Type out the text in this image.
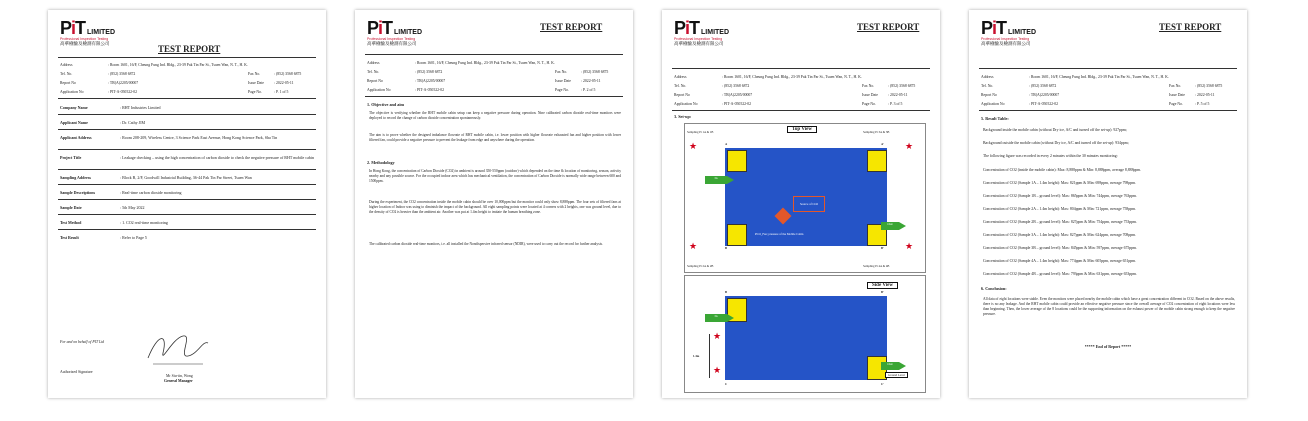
PiT LIMITED
Professional Inspection Testing
高華檢驗及檢測有限公司	TEST REPORT
Address	: Room 1601, 16/F, Cheung Fung Ind. Bldg., 23-39 Pak Tin Par St., Tsuen Wan, N. T., H. K.
Tel. No.	: (852) 3568 6872	Fax No.	: (852) 3568 6875
Report No	: TR(A)2205/00007	Issue Date	: 2022-05-11
Application No	: PIT-A-050522-02	Page No.	: P. 1 of 5
Company Name	: RHT Industries Limited
Applicant Name	: Dr. Cathy JIM
Applicant Address	: Room 208-209, Wireless Centre, 3 Science Park East Avenue, Hong Kong Science Park, Sha Tin
Project Title	: Leakage checking – using the high concentration of carbon dioxide to check the negative pressure of RHT mobile cabin
Sampling Address	: Block B, 2/F, Goodwill Industrial Building, 36-44 Pak Tin Par Street, Tsuen Wan
Sample Descriptions	: Real-time carbon dioxide monitoring
Sample Date	: 5th May 2022
Test Method	: 1. CO2 real-time monitoring
Test Result	: Refer to Page 5
For and on behalf of PIT Ltd
Authorized Signature
Mr Siu-tin, Wong
General Manager
PiT LIMITED
Professional Inspection Testing
高華檢驗及檢測有限公司
TEST REPORT
Address	: Room 1601, 16/F, Cheung Fung Ind. Bldg., 23-39 Pak Tin Par St., Tsuen Wan, N. T., H. K.
Tel. No.	: (852) 3568 6872	Fax No.	: (852) 3568 6875
Report No	: TR(A)2205/00007	Issue Date	: 2022-05-11
Application No	: PIT-A-050522-02	Page No.	: P. 2 of 5
1. Objective and aim
The objective is verifying whether the RHT mobile cabin setup can keep a negative pressure during operation. Nine calibrated carbon dioxide real-time monitors were deployed to record the change of carbon dioxide concentration spontaneously.
The aim is to prove whether the designed imbalance flowrate of RHT mobile cabin, i.e. lower position with higher flowrate exhausted fan and higher position with lower filtered fan, could provide a negative pressure to prevent the leakage from edge and anywhere during the operation.
2. Methodology
In Hong Kong, the concentration of Carbon Dioxide (CO2) in ambient is around 350-550ppm (outdoor) which depended on the time & location of monitoring, season, activity nearby and any possible source. For the occupied indoor area which has mechanical ventilation, the concentration of Carbon Dioxide is normally wide range between 600 and 1500ppm.
During the experiment, the CO2 concentration inside the mobile cabin should be over 10,000ppm but the monitor could only show 8,888ppm. The four sets of filtered fans at higher location of Indoor was using to diminish the impact of the background. All eight sampling points were located at 4 corners with 2 heights, one was ground level, due to the density of CO2 is heavier than the ambient air. Another was put at 1.4m height to imitate the human breathing zone.
The calibrated carbon dioxide real-time monitors, i.e. all installed the Nondispersive infrared sensor (NDIR), were used to carry out the record for further analysis.
PiT LIMITED
Professional Inspection Testing
高華檢驗及檢測有限公司
TEST REPORT
Address	: Room 1601, 16/F, Cheung Fung Ind. Bldg., 23-39 Pak Tin Par St., Tsuen Wan, N. T., H. K.
Tel. No.	: (852) 3568 6872	Fax No.	: (852) 3568 6875
Report No	: TR(A)2205/00007	Issue Date	: 2022-05-11
Application No	: PIT-A-050522-02	Page No.	: P. 3 of 5
3. Set-up:
Top View
Sampling Pt 1A & 1B	Sampling Pt 3A & 3B
Sampling Pt 2A & 2B	Sampling Pt 4A & 4B
A	A'
B	B'
★	★
★	★
In
Out
Source of CO2
PCO_Fan; pressure of the Mobile Cabin
Side View
B	B'
C	C'
In
Out
★
★
1.4m
Ground Level
PiT LIMITED
Professional Inspection Testing
高華檢驗及檢測有限公司
TEST REPORT
Address	: Room 1601, 16/F, Cheung Fung Ind. Bldg., 23-39 Pak Tin Par St., Tsuen Wan, N. T., H. K.
Tel. No.	: (852) 3568 6872	Fax No.	: (852) 3568 6875
Report No	: TR(A)2205/00007	Issue Date	: 2022-05-11
Application No	: PIT-A-050522-02	Page No.	: P. 5 of 5
5. Result Table:
Background inside the mobile cabin (without Dry ice, A/C and turned off the set-up): 927ppm;
Background outside the mobile cabin (without Dry ice, A/C and turned off the set-up): 934ppm;
The following figure was recorded in every 2 minutes within the 30 minutes monitoring:
Concentration of CO2 (inside the mobile cabin): Max: 8,888ppm & Min: 8,888ppm, average 8,888ppm.
Concentration of CO2 (Sample 1A – 1.4m height): Max: 821ppm & Min: 698ppm, average 798ppm.
Concentration of CO2 (Sample 1B – ground level): Max: 865ppm & Min: 744ppm, average 763ppm.
Concentration of CO2 (Sample 2A – 1.4m height): Max: 804ppm & Min: 721ppm, average 758ppm.
Concentration of CO2 (Sample 2B – ground level): Max: 827ppm & Min: 754ppm, average 753ppm.
Concentration of CO2 (Sample 3A – 1.4m height): Max: 827ppm & Min: 624ppm, average 708ppm.
Concentration of CO2 (Sample 3B – ground level): Max: 845ppm & Min: 597ppm, average 675ppm.
Concentration of CO2 (Sample 4A – 1.4m height): Max: 774ppm & Min: 605ppm, average 651ppm.
Concentration of CO2 (Sample 4B – ground level): Max: 793ppm & Min: 631ppm, average 653ppm.
6. Conclusion:
All data of eight locations were stable. Even the monitors were placed nearby the mobile cabin which have a great concentration different in CO2. Based on the above results, there is no any leakage. And the RHT mobile cabin could provide an effective negative pressure since the overall average of CO2 concentration of eight locations were less than beginning. Then, the lower average of the 8 locations could be the supporting information on the exhaust power of the mobile cabin strong enough to keep the negative pressure.
***** End of Report *****
